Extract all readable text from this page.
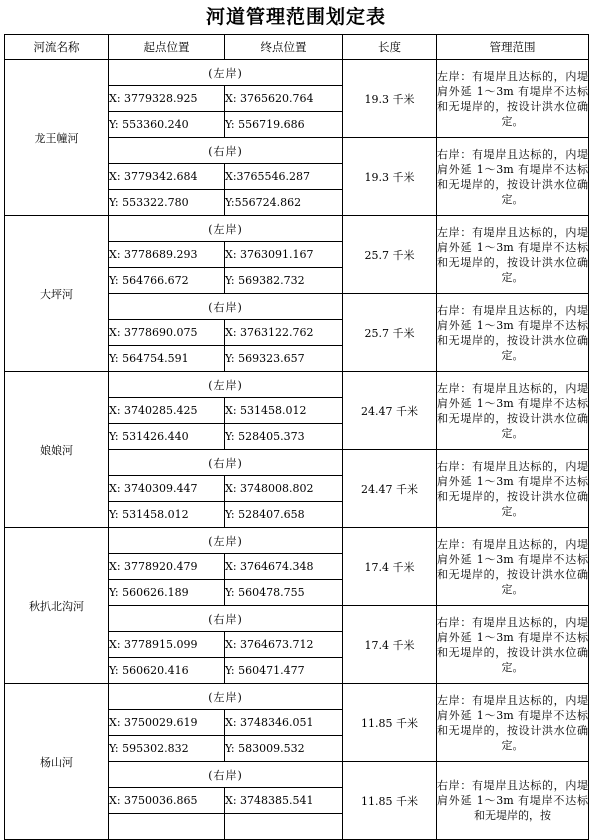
河道管理范围划定表
河流名称	起点位置	终点位置	长度	管理范围
龙王幢河	(左岸)		19.3 千米	左岸：有堤岸且达标的，内堤肩外延 1～3m 有堤岸不达标和无堤岸的，按设计洪水位确定。

	X: 3779328.925	X: 3765620.764		
	Y: 553360.240	Y: 556719.686		
	(右岸)		19.3 千米	右岸：有堤岸且达标的，内堤肩外延 1～3m 有堤岸不达标和无堤岸的，按设计洪水位确定。

	X: 3779342.684	X:3765546.287		
	Y: 553322.780	Y:556724.862		
大坪河	(左岸)		25.7 千米	左岸：有堤岸且达标的，内堤肩外延 1～3m 有堤岸不达标和无堤岸的，按设计洪水位确定。

	X: 3778689.293	X: 3763091.167		
	Y: 564766.672	Y: 569382.732		
	(右岸)		25.7 千米	右岸：有堤岸且达标的，内堤肩外延 1～3m 有堤岸不达标和无堤岸的，按设计洪水位确定。

	X: 3778690.075	X: 3763122.762		
	Y: 564754.591	Y: 569323.657		
娘娘河	(左岸)		24.47 千米	左岸：有堤岸且达标的，内堤肩外延 1～3m 有堤岸不达标和无堤岸的，按设计洪水位确定。

	X: 3740285.425	X: 531458.012		
	Y: 531426.440	Y: 528405.373		
	(右岸)		24.47 千米	右岸：有堤岸且达标的，内堤肩外延 1～3m 有堤岸不达标和无堤岸的，按设计洪水位确定。

	X: 3740309.447	X: 3748008.802		
	Y: 531458.012	Y: 528407.658		
秋扒北沟河	(左岸)		17.4 千米	左岸：有堤岸且达标的，内堤肩外延 1～3m 有堤岸不达标和无堤岸的，按设计洪水位确定。

	X: 3778920.479	X: 3764674.348		
	Y: 560626.189	Y: 560478.755		
	(右岸)		17.4 千米	右岸：有堤岸且达标的，内堤肩外延 1～3m 有堤岸不达标和无堤岸的，按设计洪水位确定。

	X: 3778915.099	X: 3764673.712		
	Y: 560620.416	Y: 560471.477		
杨山河	(左岸)		11.85 千米	左岸：有堤岸且达标的，内堤肩外延 1～3m 有堤岸不达标和无堤岸的，按设计洪水位确定。

	X: 3750029.619	X: 3748346.051		
	Y: 595302.832	Y: 583009.532		
	(右岸)		11.85 千米	右岸：有堤岸且达标的，内堤肩外延 1～3m 有堤岸不达标和无堤岸的，按

	X: 3750036.865	X: 3748385.541		
